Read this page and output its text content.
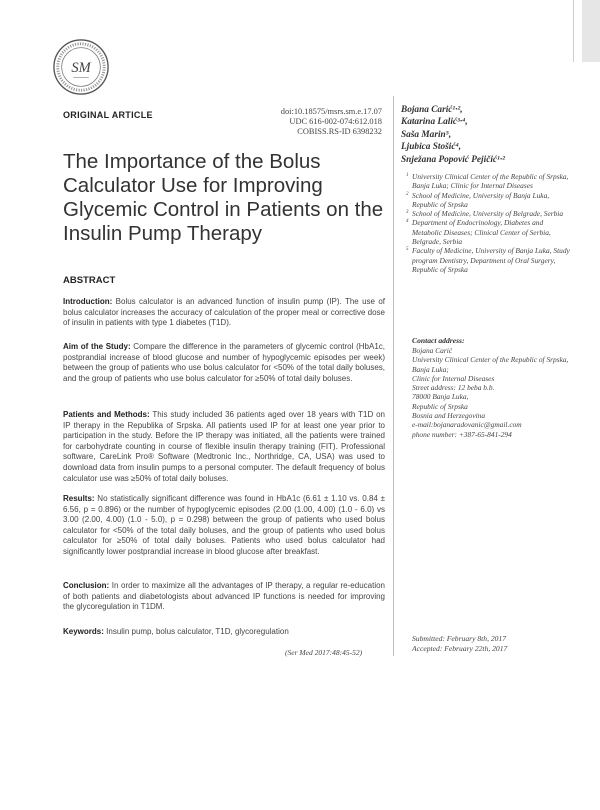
SM
ORIGINAL ARTICLE	doi:10.18575/msrs.sm.e.17.07
UDC 616-002-074:612.018
COBISS.RS-ID 6398232
The Importance of the Bolus Calculator Use for Improving Glycemic Control in Patients on the Insulin Pump Therapy
ABSTRACT

Introduction: Bolus calculator is an advanced function of insulin pump (IP). The use of bolus calculator increases the accuracy of calculation of the proper meal or corrective dose of insulin in patients with type 1 diabetes (T1D).

Aim of the Study: Compare the difference in the parameters of glycemic control (HbA1c, postprandial increase of blood glucose and number of hypoglycemic episodes per week) between the group of patients who use bolus calculator for <50% of the total daily boluses, and the group of patients who use bolus calculator for ≥50% of total daily boluses.

Patients and Methods: This study included 36 patients aged over 18 years with T1D on IP therapy in the Republika of Srpska. All patients used IP for at least one year prior to participation in the study. Before the IP therapy was initiated, all the patients were trained for carbohydrate counting in course of flexible insulin therapy training (FIT). Professional software, CareLink Pro® Software (Medtronic Inc., Northridge, CA, USA) was used to download data from insulin pumps to a personal computer. The default frequency of bolus calculator use was ≥50% of total daily boluses.

Results: No statistically significant difference was found in HbA1c (6.61 ± 1.10 vs. 0.84 ± 6.56, p = 0.896) or the number of hypoglycemic episodes (2.00 (1.00, 4.00) (1.0 - 6.0) vs 3.00 (2.00, 4.00) (1.0 - 5.0), p = 0.298) between the group of patients who used bolus calculator for <50% of the total daily boluses, and the group of patients who used bolus calculator for ≥50% of total daily boluses. Patients who used bolus calculator had significantly lower postprandial increase in blood glucose after breakfast.

Conclusion: In order to maximize all the advantages of IP therapy, a regular re-education of both patients and diabetologists about advanced IP functions is needed for improving the glycoregulation in T1DM.

Keywords: Insulin pump, bolus calculator, T1D, glycoregulation

(Ser Med 2017:48:45-52)
Bojana Carić¹·²,
Katarina Lalić³·⁴,
Saša Marin⁵,
Ljubica Stošić⁴,
Snježana Popović Pejičić¹·²
1 University Clinical Center of the Republic of Srpska, Banja Luka; Clinic for Internal Diseases
2 School of Medicine, University of Banja Luka, Republic of Srpska
3 School of Medicine, University of Belgrade, Serbia
4 Department of Endocrinology, Diabetes and Metabolic Diseases; Clinical Center of Serbia, Belgrade, Serbia
5 Faculty of Medicine, University of Banja Luka, Study program Dentistry, Department of Oral Surgery, Republic of Srpska
Contact address:
Bojana Carić
University Clinical Center of the Republic of Srpska, Banja Luka;
Clinic for Internal Diseases
Street address: 12 beba b.b.
78000 Banja Luka,
Republic of Srpska
Bosnia and Herzegovina
e-mail:bojanaradovanic@gmail.com
phone number: +387-65-841-294
Submitted: February 8th, 2017
Accepted: February 22th, 2017
